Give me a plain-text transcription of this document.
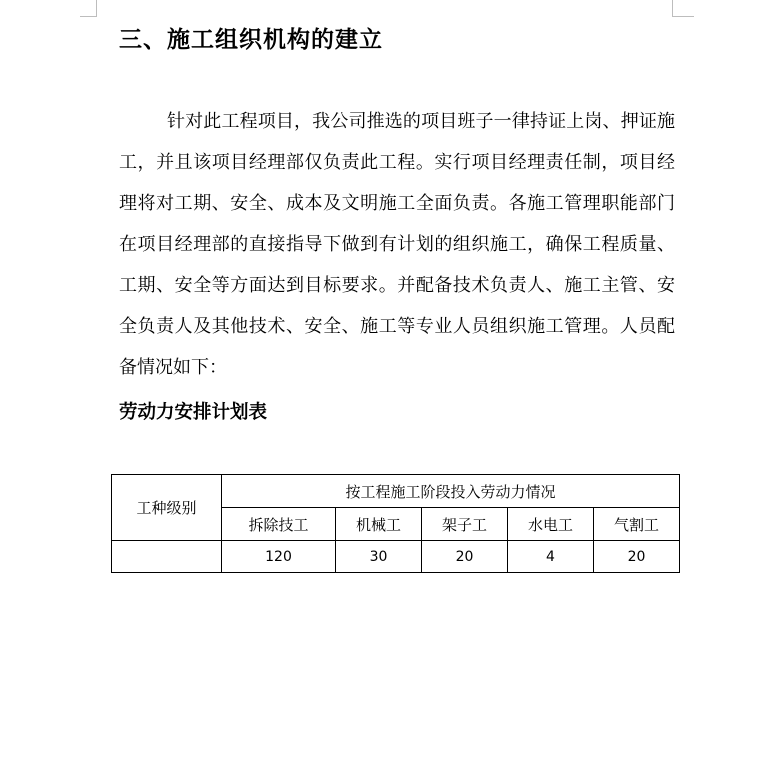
三、施工组织机构的建立
针对此工程项目，我公司推选的项目班子一律持证上岗、押证施工，并且该项目经理部仅负责此工程。实行项目经理责任制，项目经理将对工期、安全、成本及文明施工全面负责。各施工管理职能部门在项目经理部的直接指导下做到有计划的组织施工，确保工程质量、工期、安全等方面达到目标要求。并配备技术负责人、施工主管、安全负责人及其他技术、安全、施工等专业人员组织施工管理。人员配备情况如下：
劳动力安排计划表
工种级别	按工程施工阶段投入劳动力情况				
	拆除技工	机械工	架子工	水电工	气割工
	120	30	20	4	20
